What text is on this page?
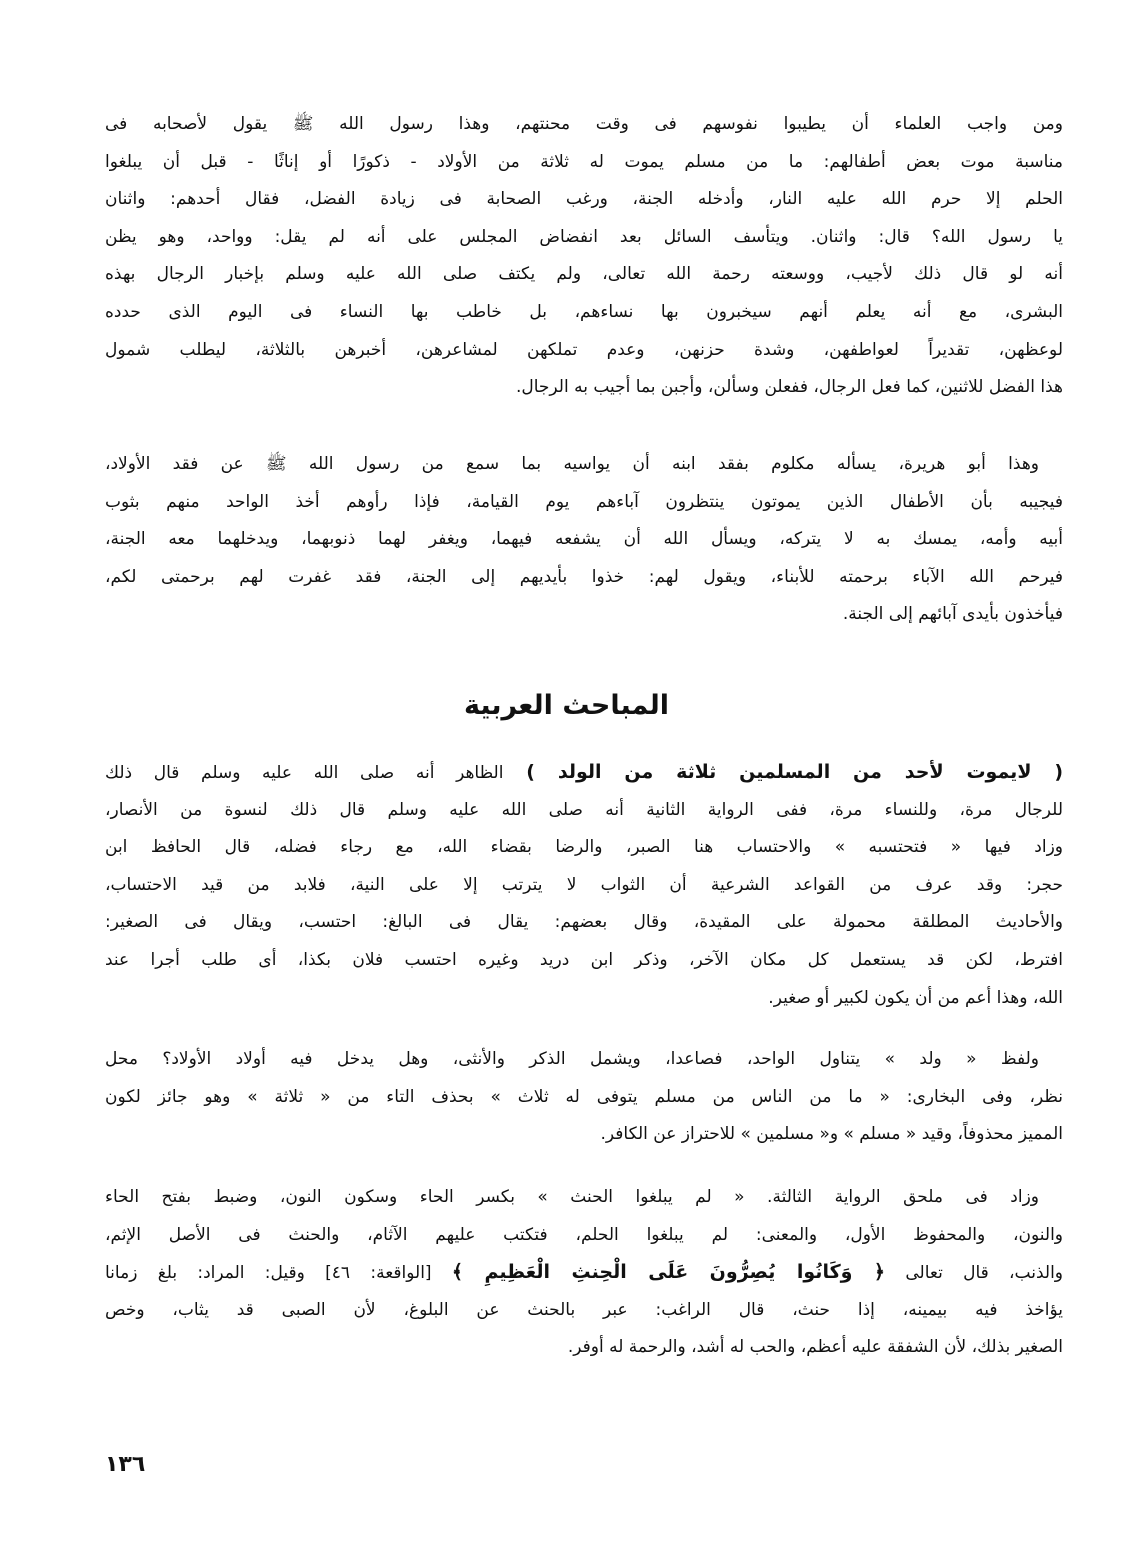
ومن واجب العلماء أن يطيبوا نفوسهم فى وقت محنتهم، وهذا رسول الله ﷺ يقول لأصحابه فى
مناسبة موت بعض أطفالهم: ما من مسلم يموت له ثلاثة من الأولاد - ذكورًا أو إناثًا - قبل أن يبلغوا
الحلم إلا حرم الله عليه النار، وأدخله الجنة، ورغب الصحابة فى زيادة الفضل، فقال أحدهم: واثنان
يا رسول الله؟ قال: واثنان. ويتأسف السائل بعد انفضاض المجلس على أنه لم يقل: وواحد، وهو يظن
أنه لو قال ذلك لأجيب، ووسعته رحمة الله تعالى، ولم يكتف صلى الله عليه وسلم بإخبار الرجال بهذه
البشرى، مع أنه يعلم أنهم سيخبرون بها نساءهم، بل خاطب بها النساء فى اليوم الذى حدده
لوعظهن، تقديراً لعواطفهن، وشدة حزنهن، وعدم تملكهن لمشاعرهن، أخبرهن بالثلاثة، ليطلب شمول
هذا الفضل للاثنين، كما فعل الرجال، ففعلن وسألن، وأجبن بما أجيب به الرجال.
وهذا أبو هريرة، يسأله مكلوم بفقد ابنه أن يواسيه بما سمع من رسول الله ﷺ عن فقد الأولاد،
فيجيبه بأن الأطفال الذين يموتون ينتظرون آباءهم يوم القيامة، فإذا رأوهم أخذ الواحد منهم بثوب
أبيه وأمه، يمسك به لا يتركه، ويسأل الله أن يشفعه فيهما، ويغفر لهما ذنوبهما، ويدخلهما معه الجنة،
فيرحم الله الآباء برحمته للأبناء، ويقول لهم: خذوا بأيديهم إلى الجنة، فقد غفرت لهم برحمتى لكم،
فيأخذون بأيدى آبائهم إلى الجنة.
المباحث العربية
( لايموت لأحد من المسلمين ثلاثة من الولد ) الظاهر أنه صلى الله عليه وسلم قال ذلك
للرجال مرة، وللنساء مرة، ففى الرواية الثانية أنه صلى الله عليه وسلم قال ذلك لنسوة من الأنصار،
وزاد فيها « فتحتسبه » والاحتساب هنا الصبر، والرضا بقضاء الله، مع رجاء فضله، قال الحافظ ابن
حجر: وقد عرف من القواعد الشرعية أن الثواب لا يترتب إلا على النية، فلابد من قيد الاحتساب،
والأحاديث المطلقة محمولة على المقيدة، وقال بعضهم: يقال فى البالغ: احتسب، ويقال فى الصغير:
افترط، لكن قد يستعمل كل مكان الآخر، وذكر ابن دريد وغيره احتسب فلان بكذا، أى طلب أجرا عند
الله، وهذا أعم من أن يكون لكبير أو صغير.
ولفظ « ولد » يتناول الواحد، فصاعدا، ويشمل الذكر والأنثى، وهل يدخل فيه أولاد الأولاد؟ محل
نظر، وفى البخارى: « ما من الناس من مسلم يتوفى له ثلاث » بحذف التاء من « ثلاثة » وهو جائز لكون
المميز محذوفاً، وقيد « مسلم » و« مسلمين » للاحتراز عن الكافر.
وزاد فى ملحق الرواية الثالثة. « لم يبلغوا الحنث » بكسر الحاء وسكون النون، وضبط بفتح الحاء
والنون، والمحفوظ الأول، والمعنى: لم يبلغوا الحلم، فتكتب عليهم الآثام، والحنث فى الأصل الإثم،
والذنب، قال تعالى ﴿ وَكَانُوا يُصِرُّونَ عَلَى الْحِنثِ الْعَظِيمِ ﴾ [الواقعة: ٤٦] وقيل: المراد: بلغ زمانا
يؤاخذ فيه بيمينه، إذا حنث، قال الراغب: عبر بالحنث عن البلوغ، لأن الصبى قد يثاب، وخص
الصغير بذلك، لأن الشفقة عليه أعظم، والحب له أشد، والرحمة له أوفر.
١٣٦
